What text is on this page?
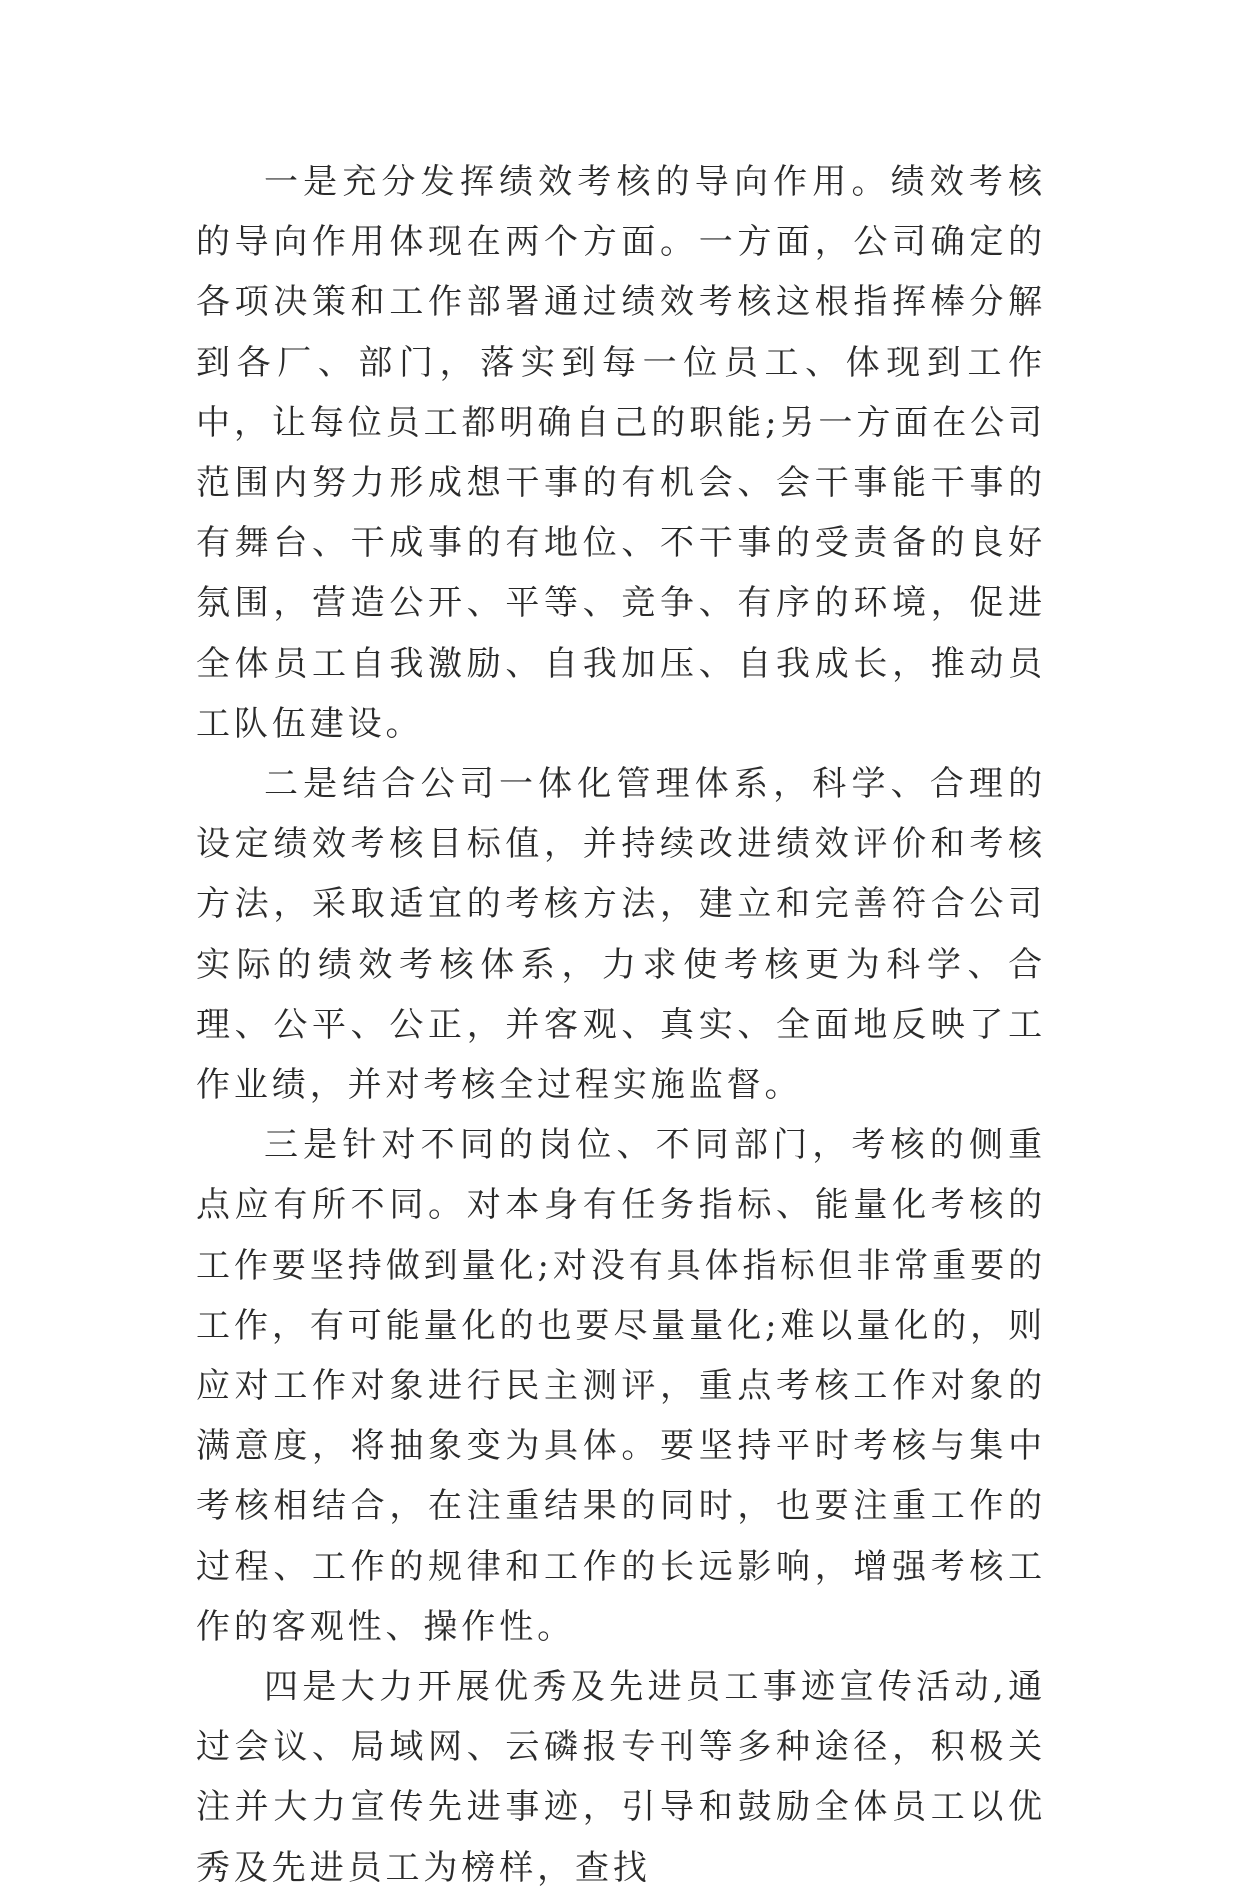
一是充分发挥绩效考核的导向作用。绩效考核的导向作用体现在两个方面。一方面，公司确定的各项决策和工作部署通过绩效考核这根指挥棒分解到各厂、部门，落实到每一位员工、体现到工作中，让每位员工都明确自己的职能;另一方面在公司范围内努力形成想干事的有机会、会干事能干事的有舞台、干成事的有地位、不干事的受责备的良好氛围，营造公开、平等、竞争、有序的环境，促进全体员工自我激励、自我加压、自我成长，推动员工队伍建设。

二是结合公司一体化管理体系，科学、合理的设定绩效考核目标值，并持续改进绩效评价和考核方法，采取适宜的考核方法，建立和完善符合公司实际的绩效考核体系，力求使考核更为科学、合理、公平、公正，并客观、真实、全面地反映了工作业绩，并对考核全过程实施监督。

三是针对不同的岗位、不同部门，考核的侧重点应有所不同。对本身有任务指标、能量化考核的工作要坚持做到量化;对没有具体指标但非常重要的工作，有可能量化的也要尽量量化;难以量化的，则应对工作对象进行民主测评，重点考核工作对象的满意度，将抽象变为具体。要坚持平时考核与集中考核相结合，在注重结果的同时，也要注重工作的过程、工作的规律和工作的长远影响，增强考核工作的客观性、操作性。

四是大力开展优秀及先进员工事迹宣传活动,通过会议、局域网、云磷报专刊等多种途径，积极关注并大力宣传先进事迹，引导和鼓励全体员工以优秀及先进员工为榜样，查找
